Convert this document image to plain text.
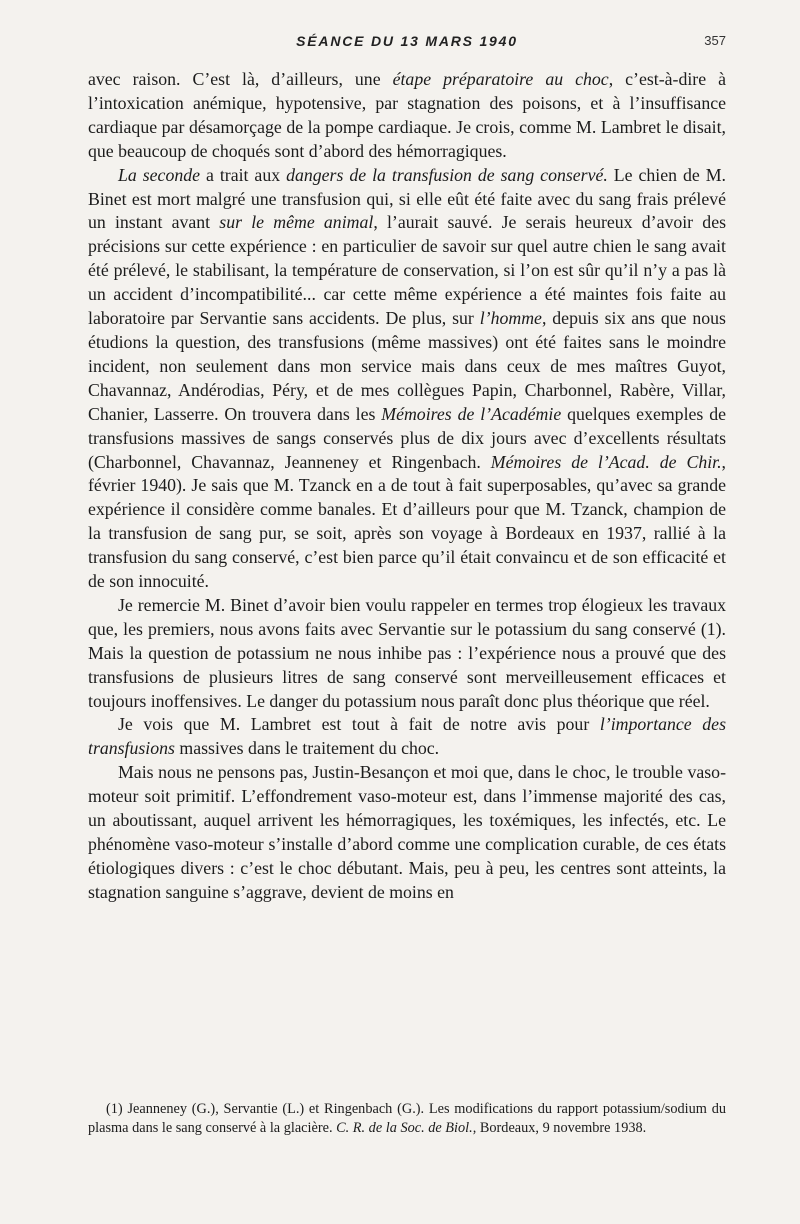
SÉANCE DU 13 MARS 1940	357

avec raison. C’est là, d’ailleurs, une étape préparatoire au choc, c’est-à-dire à l’intoxication anémique, hypotensive, par stagnation des poisons, et à l’insuffisance cardiaque par désamorçage de la pompe cardiaque. Je crois, comme M. Lambret le disait, que beaucoup de choqués sont d’abord des hémorragiques.

La seconde a trait aux dangers de la transfusion de sang conservé. Le chien de M. Binet est mort malgré une transfusion qui, si elle eût été faite avec du sang frais prélevé un instant avant sur le même animal, l’aurait sauvé. Je serais heureux d’avoir des précisions sur cette expérience : en particulier de savoir sur quel autre chien le sang avait été prélevé, le stabilisant, la température de conservation, si l’on est sûr qu’il n’y a pas là un accident d’incompatibilité... car cette même expérience a été maintes fois faite au laboratoire par Servantie sans accidents. De plus, sur l’homme, depuis six ans que nous étudions la question, des transfusions (même massives) ont été faites sans le moindre incident, non seulement dans mon service mais dans ceux de mes maîtres Guyot, Chavannaz, Andérodias, Péry, et de mes collègues Papin, Charbonnel, Rabère, Villar, Chanier, Lasserre. On trouvera dans les Mémoires de l’Académie quelques exemples de transfusions massives de sangs conservés plus de dix jours avec d’excellents résultats (Charbonnel, Chavannaz, Jeanneney et Ringenbach. Mémoires de l’Acad. de Chir., février 1940). Je sais que M. Tzanck en a de tout à fait superposables, qu’avec sa grande expérience il considère comme banales. Et d’ailleurs pour que M. Tzanck, champion de la transfusion de sang pur, se soit, après son voyage à Bordeaux en 1937, rallié à la transfusion du sang conservé, c’est bien parce qu’il était convaincu et de son efficacité et de son innocuité.

Je remercie M. Binet d’avoir bien voulu rappeler en termes trop élogieux les travaux que, les premiers, nous avons faits avec Servantie sur le potassium du sang conservé (1). Mais la question de potassium ne nous inhibe pas : l’expérience nous a prouvé que des transfusions de plusieurs litres de sang conservé sont merveilleusement efficaces et toujours inoffensives. Le danger du potassium nous paraît donc plus théorique que réel.

Je vois que M. Lambret est tout à fait de notre avis pour l’importance des transfusions massives dans le traitement du choc.

Mais nous ne pensons pas, Justin-Besançon et moi que, dans le choc, le trouble vaso-moteur soit primitif. L’effondrement vaso-moteur est, dans l’immense majorité des cas, un aboutissant, auquel arrivent les hémorragiques, les toxémiques, les infectés, etc. Le phénomène vaso-moteur s’installe d’abord comme une complication curable, de ces états étiologiques divers : c’est le choc débutant. Mais, peu à peu, les centres sont atteints, la stagnation sanguine s’aggrave, devient de moins en

(1) Jeanneney (G.), Servantie (L.) et Ringenbach (G.). Les modifications du rapport potassium/sodium du plasma dans le sang conservé à la glacière. C. R. de la Soc. de Biol., Bordeaux, 9 novembre 1938.
